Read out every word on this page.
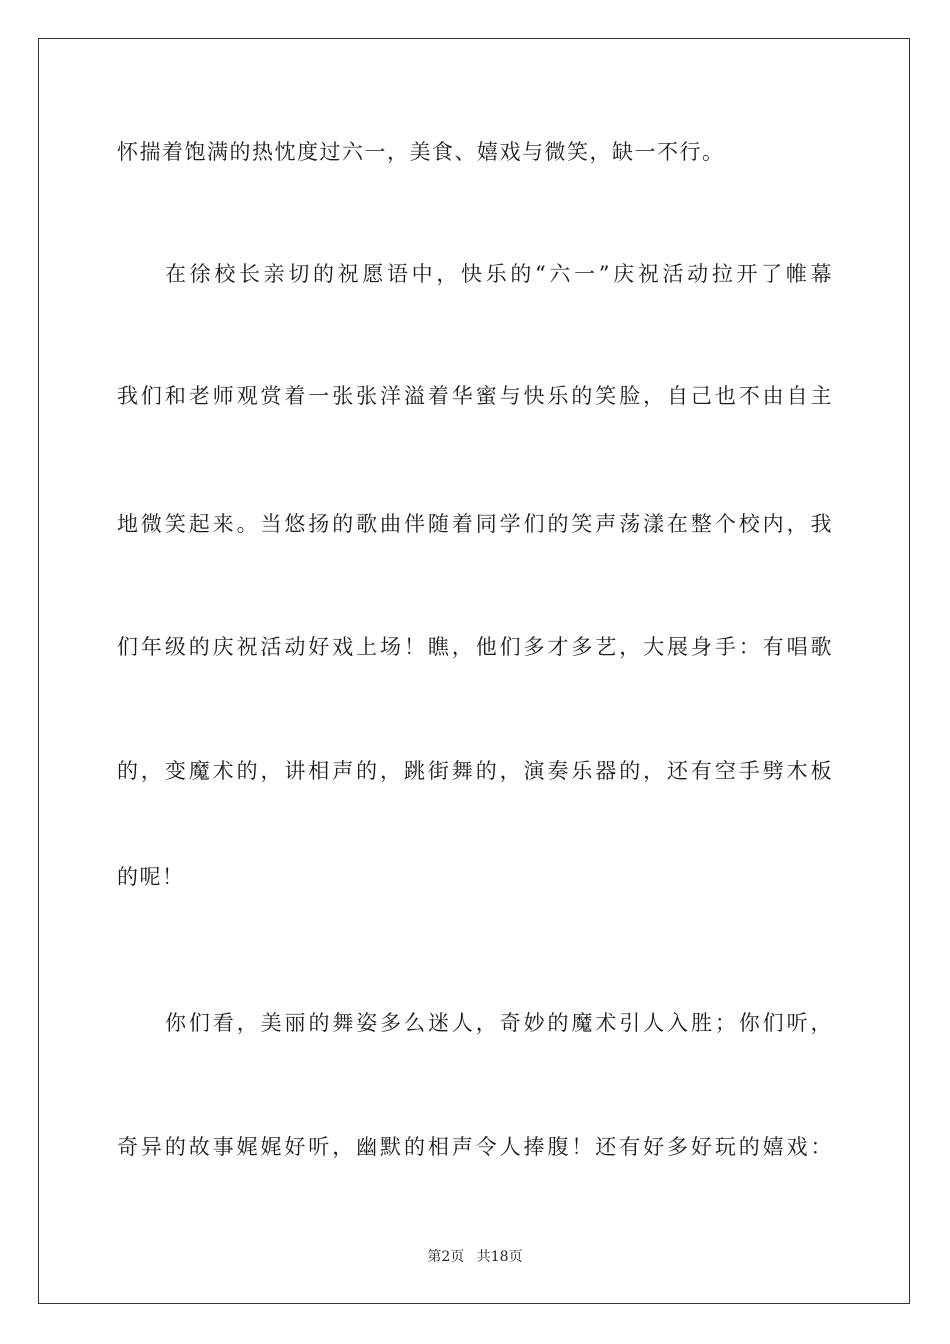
怀揣着饱满的热忱度过六一，美食、嬉戏与微笑，缺一不行。
在徐校长亲切的祝愿语中，快乐的“六一”庆祝活动拉开了帷幕
我们和老师观赏着一张张洋溢着华蜜与快乐的笑脸，自己也不由自主
地微笑起来。当悠扬的歌曲伴随着同学们的笑声荡漾在整个校内，我
们年级的庆祝活动好戏上场！瞧，他们多才多艺，大展身手：有唱歌
的，变魔术的，讲相声的，跳街舞的，演奏乐器的，还有空手劈木板
的呢！
你们看，美丽的舞姿多么迷人，奇妙的魔术引人入胜；你们听，
奇异的故事娓娓好听，幽默的相声令人捧腹！还有好多好玩的嬉戏：
第2页 共18页
